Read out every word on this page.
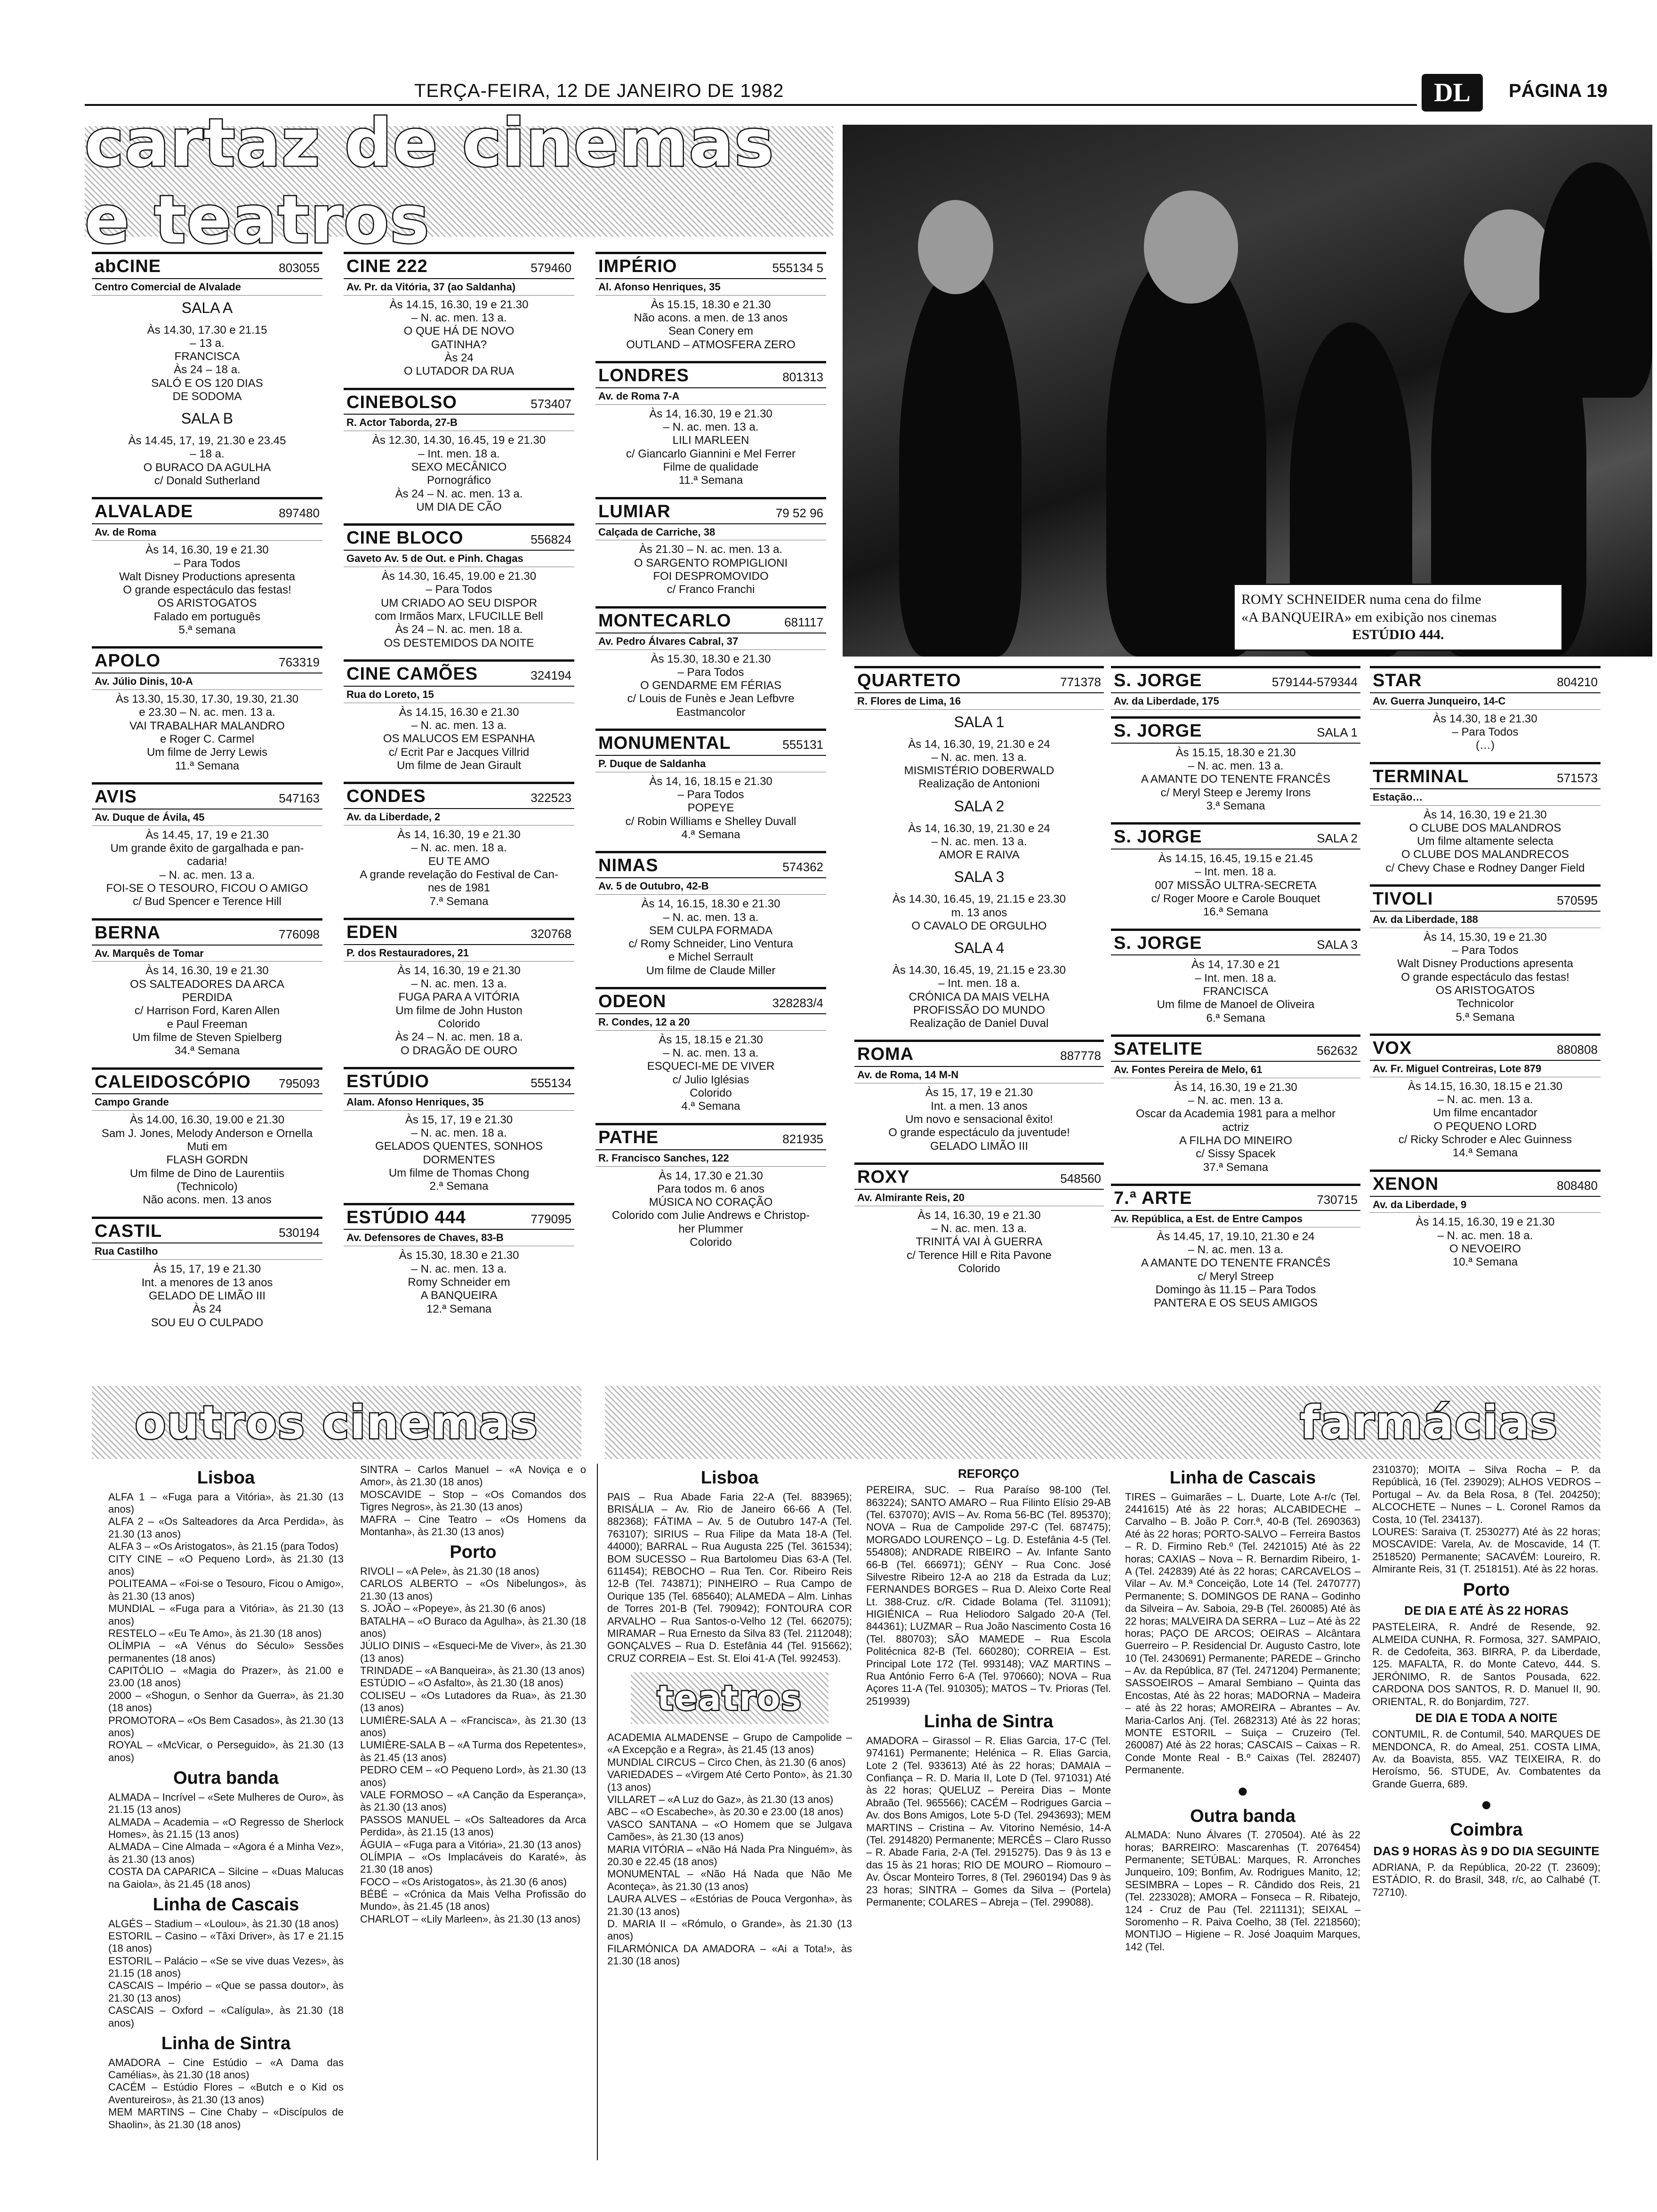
TERÇA-FEIRA, 12 DE JANEIRO DE 1982	DL	PÁGINA 19
cartaz de cinemas e teatros
ROMY SCHNEIDER numa cena do filme
«A BANQUEIRA» em exibição nos cinemas
ESTÚDIO 444.
abCINE	803055
Centro Comercial de Alvalade
SALA A
Às 14.30, 17.30 e 21.15
– 13 a.
FRANCISCA
Às 24 – 18 a.
SALÓ E OS 120 DIAS
DE SODOMA
SALA B
Às 14.45, 17, 19, 21.30 e 23.45
– 18 a.
O BURACO DA AGULHA
c/ Donald Sutherland
ALVALADE	897480
Av. de Roma
Às 14, 16.30, 19 e 21.30
– Para Todos
Walt Disney Productions apresenta
O grande espectáculo das festas!
OS ARISTOGATOS
Falado em português
5.ª semana
APOLO	763319
Av. Júlio Dinis, 10-A
Às 13.30, 15.30, 17.30, 19.30, 21.30
e 23.30 – N. ac. men. 13 a.
VAI TRABALHAR MALANDRO
e Roger C. Carmel
Um filme de Jerry Lewis
11.ª Semana
AVIS	547163
Av. Duque de Ávila, 45
Às 14.45, 17, 19 e 21.30
Um grande êxito de gargalhada e pan-
cadaria!
– N. ac. men. 13 a.
FOI-SE O TESOURO, FICOU O AMIGO
c/ Bud Spencer e Terence Hill
BERNA	776098
Av. Marquês de Tomar
Às 14, 16.30, 19 e 21.30
OS SALTEADORES DA ARCA
PERDIDA
c/ Harrison Ford, Karen Allen
e Paul Freeman
Um filme de Steven Spielberg
34.ª Semana
CALEIDOSCÓPIO 795093
Campo Grande
Às 14.00, 16.30, 19.00 e 21.30
Sam J. Jones, Melody Anderson e Ornella
Muti em
FLASH GORDN
Um filme de Dino de Laurentiis
(Technicolo)
Não acons. men. 13 anos
CASTIL	530194
Rua Castilho
Às 15, 17, 19 e 21.30
Int. a menores de 13 anos
GELADO DE LIMÃO III
Às 24
SOU EU O CULPADO
CINE 222	579460
Av. Pr. da Vitória, 37 (ao Saldanha)
Às 14.15, 16.30, 19 e 21.30
– N. ac. men. 13 a.
O QUE HÁ DE NOVO
GATINHA?
Às 24
O LUTADOR DA RUA
CINEBOLSO	573407
R. Actor Taborda, 27-B
Às 12.30, 14.30, 16.45, 19 e 21.30
– Int. men. 18 a.
SEXO MECÂNICO
Pornográfico
Às 24 – N. ac. men. 13 a.
UM DIA DE CÃO
CINE BLOCO	556824
Gaveto Av. 5 de Out. e Pinh. Chagas
Às 14.30, 16.45, 19.00 e 21.30
– Para Todos
UM CRIADO AO SEU DISPOR
com Irmãos Marx, LFUCILLE Bell
Às 24 – N. ac. men. 18 a.
OS DESTEMIDOS DA NOITE
CINE CAMÕES	324194
Rua do Loreto, 15
Às 14.15, 16.30 e 21.30
– N. ac. men. 13 a.
OS MALUCOS EM ESPANHA
c/ Ecrit Par e Jacques Villrid
Um filme de Jean Girault
CONDES	322523
Av. da Liberdade, 2
Às 14, 16.30, 19 e 21.30
– N. ac. men. 18 a.
EU TE AMO
A grande revelação do Festival de Can-
nes de 1981
7.ª Semana
EDEN	320768
P. dos Restauradores, 21
Às 14, 16.30, 19 e 21.30
– N. ac. men. 13 a.
FUGA PARA A VITÓRIA
Um filme de John Huston
Colorido
Às 24 – N. ac. men. 18 a.
O DRAGÃO DE OURO
ESTÚDIO	555134
Alam. Afonso Henriques, 35
Às 15, 17, 19 e 21.30
– N. ac. men. 18 a.
GELADOS QUENTES, SONHOS
DORMENTES
Um filme de Thomas Chong
2.ª Semana
ESTÚDIO 444	779095
Av. Defensores de Chaves, 83-B
Às 15.30, 18.30 e 21.30
– N. ac. men. 13 a.
Romy Schneider em
A BANQUEIRA
12.ª Semana
IMPÉRIO	555134 5
Al. Afonso Henriques, 35
Às 15.15, 18.30 e 21.30
Não acons. a men. de 13 anos
Sean Conery em
OUTLAND – ATMOSFERA ZERO
LONDRES	801313
Av. de Roma 7-A
Às 14, 16.30, 19 e 21.30
– N. ac. men. 13 a.
LILI MARLEEN
c/ Giancarlo Giannini e Mel Ferrer
Filme de qualidade
11.ª Semana
LUMIAR	79 52 96
Calçada de Carriche, 38
Às 21.30 – N. ac. men. 13 a.
O SARGENTO ROMPIGLIONI
FOI DESPROMOVIDO
c/ Franco Franchi
MONTECARLO	681117
Av. Pedro Álvares Cabral, 37
Às 15.30, 18.30 e 21.30
– Para Todos
O GENDARME EM FÉRIAS
c/ Louis de Funès e Jean Lefbvre
Eastmancolor
MONUMENTAL	555131
P. Duque de Saldanha
Às 14, 16, 18.15 e 21.30
– Para Todos
POPEYE
c/ Robin Williams e Shelley Duvall
4.ª Semana
NIMAS	574362
Av. 5 de Outubro, 42-B
Às 14, 16.15, 18.30 e 21.30
– N. ac. men. 13 a.
SEM CULPA FORMADA
c/ Romy Schneider, Lino Ventura
e Michel Serrault
Um filme de Claude Miller
ODEON	328283/4
R. Condes, 12 a 20
Às 15, 18.15 e 21.30
– N. ac. men. 13 a.
ESQUECI-ME DE VIVER
c/ Julio Iglésias
Colorido
4.ª Semana
PATHE	821935
R. Francisco Sanches, 122
Às 14, 17.30 e 21.30
Para todos m. 6 anos
MÚSICA NO CORAÇÃO
Colorido com Julie Andrews e Christop-
her Plummer
Colorido
QUARTETO	771378
R. Flores de Lima, 16
SALA 1
Às 14, 16.30, 19, 21.30 e 24
– N. ac. men. 13 a.
MISMISTÉRIO DOBERWALD
Realização de Antonioni
SALA 2
Às 14, 16.30, 19, 21.30 e 24
– N. ac. men. 13 a.
AMOR E RAIVA
SALA 3
Às 14.30, 16.45, 19, 21.15 e 23.30
m. 13 anos
O CAVALO DE ORGULHO
SALA 4
Às 14.30, 16.45, 19, 21.15 e 23.30
– Int. men. 18 a.
CRÓNICA DA MAIS VELHA
PROFISSÃO DO MUNDO
Realização de Daniel Duval
ROMA	887778
Av. de Roma, 14 M-N
Às 15, 17, 19 e 21.30
Int. a men. 13 anos
Um novo e sensacional êxito!
O grande espectáculo da juventude!
GELADO LIMÃO III
ROXY	548560
Av. Almirante Reis, 20
Às 14, 16.30, 19 e 21.30
– N. ac. men. 13 a.
TRINITÁ VAI À GUERRA
c/ Terence Hill e Rita Pavone
Colorido
S. JORGE	579144-579344
Av. da Liberdade, 175
S. JORGE	SALA 1
Às 15.15, 18.30 e 21.30
– N. ac. men. 13 a.
A AMANTE DO TENENTE FRANCÊS
c/ Meryl Steep e Jeremy Irons
3.ª Semana
S. JORGE	SALA 2
Às 14.15, 16.45, 19.15 e 21.45
– Int. men. 18 a.
007 MISSÃO ULTRA-SECRETA
c/ Roger Moore e Carole Bouquet
16.ª Semana
S. JORGE	SALA 3
Às 14, 17.30 e 21
– Int. men. 18 a.
FRANCISCA
Um filme de Manoel de Oliveira
6.ª Semana
SATELITE	562632
Av. Fontes Pereira de Melo, 61
Às 14, 16.30, 19 e 21.30
– N. ac. men. 13 a.
Oscar da Academia 1981 para a melhor
actriz
A FILHA DO MINEIRO
c/ Sissy Spacek
37.ª Semana
7.ª ARTE	730715
Av. República, a Est. de Entre Campos
Às 14.45, 17, 19.10, 21.30 e 24
– N. ac. men. 13 a.
A AMANTE DO TENENTE FRANCÊS
c/ Meryl Streep
Domingo às 11.15 – Para Todos
PANTERA E OS SEUS AMIGOS
STAR	804210
Av. Guerra Junqueiro, 14-C
Às 14.30, 18 e 21.30
– Para Todos
(…)
TERMINAL	571573
Estação…
Às 14, 16.30, 19 e 21.30
O CLUBE DOS MALANDROS
Um filme altamente selecta
O CLUBE DOS MALANDRECOS
c/ Chevy Chase e Rodney Danger Field
TIVOLI	570595
Av. da Liberdade, 188
Às 14, 15.30, 19 e 21.30
– Para Todos
Walt Disney Productions apresenta
O grande espectáculo das festas!
OS ARISTOGATOS
Technicolor
5.ª Semana
VOX	880808
Av. Fr. Miguel Contreiras, Lote 879
Às 14.15, 16.30, 18.15 e 21.30
– N. ac. men. 13 a.
Um filme encantador
O PEQUENO LORD
c/ Ricky Schroder e Alec Guinness
14.ª Semana
XENON	808480
Av. da Liberdade, 9
Às 14.15, 16.30, 19 e 21.30
– N. ac. men. 18 a.
O NEVOEIRO
10.ª Semana
outros cinemas	farmácias
Lisboa
ALFA 1 – «Fuga para a Vitória», às 21.30 (13 anos)
ALFA 2 – «Os Salteadores da Arca Perdida», às 21.30 (13 anos)
ALFA 3 – «Os Aristogatos», às 21.15 (para Todos)
CITY CINE – «O Pequeno Lord», às 21.30 (13 anos)
POLITEAMA – «Foi-se o Tesouro, Ficou o Amigo», às 21.30 (13 anos)
MUNDIAL – «Fuga para a Vitória», às 21.30 (13 anos)
RESTELO – «Eu Te Amo», às 21.30 (18 anos)
OLÍMPIA – «A Vénus do Século» Sessões permanentes (18 anos)
CAPITÓLIO – «Magia do Prazer», às 21.00 e 23.00 (18 anos)
2000 – «Shogun, o Senhor da Guerra», às 21.30 (18 anos)
PROMOTORA – «Os Bem Casados», às 21.30 (13 anos)
ROYAL – «McVicar, o Perseguido», às 21.30 (13 anos)
Outra banda
ALMADA – Incrível – «Sete Mulheres de Ouro», às 21.15 (13 anos)
ALMADA – Academia – «O Regresso de Sherlock Homes», às 21.15 (13 anos)
ALMADA – Cine Almada – «Agora é a Minha Vez», às 21.30 (13 anos)
COSTA DA CAPARICA – Silcine – «Duas Malucas na Gaiola», às 21.45 (18 anos)
Linha de Cascais
ALGÉS – Stadium – «Loulou», às 21.30 (18 anos)
ESTORIL – Casino – «Tâxi Driver», às 17 e 21.15 (18 anos)
ESTORIL – Palácio – «Se se vive duas Vezes», às 21.15 (18 anos)
CASCAIS – Império – «Que se passa doutor», às 21.30 (13 anos)
CASCAIS – Oxford – «Calígula», às 21.30 (18 anos)
Linha de Sintra
AMADORA – Cine Estúdio – «A Dama das Camélias», às 21.30 (18 anos)
CACÉM – Estúdio Flores – «Butch e o Kid os Aventureiros», às 21.30 (13 anos)
MEM MARTINS – Cine Chaby – «Discípulos de Shaolin», às 21.30 (18 anos)
SINTRA – Carlos Manuel – «A Noviça e o Amor», às 21.30 (18 anos)
MOSCAVIDE – Stop – «Os Comandos dos Tigres Negros», às 21.30 (13 anos)
MAFRA – Cine Teatro – «Os Homens da Montanha», às 21.30 (13 anos)
Porto
RIVOLI – «A Pele», às 21.30 (18 anos)
CARLOS ALBERTO – «Os Nibelungos», às 21.30 (13 anos)
S. JOÃO – «Popeye», às 21.30 (6 anos)
BATALHA – «O Buraco da Agulha», às 21.30 (18 anos)
JÚLIO DINIS – «Esqueci-Me de Viver», às 21.30 (13 anos)
TRINDADE – «A Banqueira», às 21.30 (13 anos)
ESTÚDIO – «O Asfalto», às 21.30 (18 anos)
COLISEU – «Os Lutadores da Rua», às 21.30 (13 anos)
LUMIÈRE-SALA A – «Francisca», às 21.30 (13 anos)
LUMIÈRE-SALA B – «A Turma dos Repetentes», às 21.45 (13 anos)
PEDRO CEM – «O Pequeno Lord», às 21.30 (13 anos)
VALE FORMOSO – «A Canção da Esperança», às 21.30 (13 anos)
PASSOS MANUEL – «Os Salteadores da Arca Perdida», às 21.15 (13 anos)
ÁGUIA – «Fuga para a Vitória», 21.30 (13 anos)
OLÍMPIA – «Os Implacáveis do Karaté», às 21.30 (18 anos)
FOCO – «Os Aristogatos», às 21.30 (6 anos)
BÉBÉ – «Crónica da Mais Velha Profissão do Mundo», às 21.45 (18 anos)
CHARLOT – «Lily Marleen», às 21.30 (13 anos)
Lisboa
PAIS – Rua Abade Faria 22-A (Tel. 883965); BRISÁLIA – Av. Rio de Janeiro 66-66 A (Tel. 882368); FÁTIMA – Av. 5 de Outubro 147-A (Tel. 763107); SIRIUS – Rua Filipe da Mata 18-A (Tel. 44000); BARRAL – Rua Augusta 225 (Tel. 361534); BOM SUCESSO – Rua Bartolomeu Dias 63-A (Tel. 611454); REBOCHO – Rua Ten. Cor. Ribeiro Reis 12-B (Tel. 743871); PINHEIRO – Rua Campo de Ourique 135 (Tel. 685640); ALAMEDA – Alm. Linhas de Torres 201-B (Tel. 790942); FONTOURA COR ARVALHO – Rua Santos-o-Velho 12 (Tel. 662075); MIRAMAR – Rua Ernesto da Silva 83 (Tel. 2112048); GONÇALVES – Rua D. Estefânia 44 (Tel. 915662); CRUZ CORREIA – Est. St. Eloi 41-A (Tel. 992453).
teatros
ACADEMIA ALMADENSE – Grupo de Campolide – «A Excepção e a Regra», às 21.45 (13 anos)
MUNDIAL CIRCUS – Circo Chen, às 21.30 (6 anos)
VARIEDADES – «Virgem Até Certo Ponto», às 21.30 (13 anos)
VILLARET – «A Luz do Gaz», às 21.30 (13 anos)
ABC – «O Escabeche», às 20.30 e 23.00 (18 anos)
VASCO SANTANA – «O Homem que se Julgava Camões», às 21.30 (13 anos)
MARIA VITÓRIA – «Não Há Nada Pra Ninguém», às 20.30 e 22.45 (18 anos)
MONUMENTAL – «Não Há Nada que Não Me Aconteça», às 21.30 (13 anos)
LAURA ALVES – «Estórias de Pouca Vergonha», às 21.30 (13 anos)
D. MARIA II – «Rómulo, o Grande», às 21.30 (13 anos)
FILARMÓNICA DA AMADORA – «Ai a Tota!», às 21.30 (18 anos)
REFORÇO
PEREIRA, SUC. – Rua Paraíso 98-100 (Tel. 863224); SANTO AMARO – Rua Filinto Elísio 29-AB (Tel. 637070); AVIS – Av. Roma 56-BC (Tel. 895370); NOVA – Rua de Campolide 297-C (Tel. 687475); MORGADO LOURENÇO – Lg. D. Estefânia 4-5 (Tel. 554808); ANDRADE RIBEIRO – Av. Infante Santo 66-B (Tel. 666971); GÉNY – Rua Conc. José Silvestre Ribeiro 12-A ao 218 da Estrada da Luz; FERNANDES BORGES – Rua D. Aleixo Corte Real Lt. 388-Cruz. c/R. Cidade Bolama (Tel. 311091); HIGIÉNICA – Rua Heliodoro Salgado 20-A (Tel. 844361); LUZMAR – Rua João Nascimento Costa 16 (Tel. 880703); SÃO MAMEDE – Rua Escola Politécnica 82-B (Tel. 660280); CORREIA – Est. Principal Lote 172 (Tel. 993148); VAZ MARTINS – Rua António Ferro 6-A (Tel. 970660); NOVA – Rua Açores 11-A (Tel. 910305); MATOS – Tv. Prioras (Tel. 2519939)
Linha de Sintra
AMADORA – Girassol – R. Elias Garcia, 17-C (Tel. 974161) Permanente; Helénica – R. Elias Garcia, Lote 2 (Tel. 933613) Até às 22 horas; DAMAIA – Confiança – R. D. Maria II, Lote D (Tel. 971031) Até às 22 horas; QUELUZ – Pereira Dias – Monte Abraão (Tel. 965566); CACÉM – Rodrigues Garcia – Av. dos Bons Amigos, Lote 5-D (Tel. 2943693); MEM MARTINS – Cristina – Av. Vitorino Nemésio, 14-A (Tel. 2914820) Permanente; MERCÊS – Claro Russo – R. Abade Faria, 2-A (Tel. 2915275). Das 9 às 13 e das 15 às 21 horas; RIO DE MOURO – Riomouro – Av. Óscar Monteiro Torres, 8 (Tel. 2960194) Das 9 às 23 horas; SINTRA – Gomes da Silva – (Portela) Permanente; COLARES – Abreja – (Tel. 299088).
Linha de Cascais
TIRES – Guimarães – L. Duarte, Lote A-r/c (Tel. 2441615) Até às 22 horas; ALCABIDECHE – Carvalho – B. João P. Corr.ª, 40-B (Tel. 2690363) Até às 22 horas; PORTO-SALVO – Ferreira Bastos – R. D. Firmino Reb.º (Tel. 2421015) Até às 22 horas; CAXIAS – Nova – R. Bernardim Ribeiro, 1-A (Tel. 242839) Até às 22 horas; CARCAVELOS – Vilar – Av. M.ª Conceição, Lote 14 (Tel. 2470777) Permanente; S. DOMINGOS DE RANA – Godinho da Silveira – Av. Saboia, 29-B (Tel. 260085) Até às 22 horas; MALVEIRA DA SERRA – Luz – Até às 22 horas; PAÇO DE ARCOS; OEIRAS – Alcântara Guerreiro – P. Residencial Dr. Augusto Castro, lote 10 (Tel. 2430691) Permanente; PAREDE – Grincho – Av. da República, 87 (Tel. 2471204) Permanente; SASSOEIROS – Amaral Sembiano – Quinta das Encostas, Até às 22 horas; MADORNA – Madeira – até às 22 horas; AMOREIRA – Abrantes – Av. Maria-Carlos Anj. (Tel. 2682313) Até às 22 horas; MONTE ESTORIL – Suiça – Cruzeiro (Tel. 260087) Até às 22 horas; CASCAIS – Caixas – R. Conde Monte Real - B.º Caixas (Tel. 282407) Permanente.
●
Outra banda
ALMADA: Nuno Álvares (T. 270504). Até às 22 horas; BARREIRO: Mascarenhas (T. 2076454) Permanente; SETÚBAL: Marques, R. Arronches Junqueiro, 109; Bonfim, Av. Rodrigues Manito, 12; SESIMBRA – Lopes – R. Cândido dos Reis, 21 (Tel. 2233028); AMORA – Fonseca – R. Ribatejo, 124 - Cruz de Pau (Tel. 2211131); SEIXAL – Soromenho – R. Paiva Coelho, 38 (Tel. 2218560); MONTIJO – Higiene – R. José Joaquim Marques, 142 (Tel.
2310370); MOITA – Silva Rocha – P. da Repúblicà, 16 (Tel. 239029); ALHOS VEDROS – Portugal – Av. da Bela Rosa, 8 (Tel. 204250); ALCOCHETE – Nunes – L. Coronel Ramos da Costa, 10 (Tel. 234137).
LOURES: Saraiva (T. 2530277) Até às 22 horas; MOSCAVIDE: Varela, Av. de Moscavide, 14 (T. 2518520) Permanente; SACAVÉM: Loureiro, R. Almirante Reis, 31 (T. 2518151). Até às 22 horas.
Porto
DE DIA E ATÉ ÀS 22 HORAS
PASTELEIRA, R. André de Resende, 92. ALMEIDA CUNHA, R. Formosa, 327. SAMPAIO, R. de Cedofeita, 363. BIRRA, P. da Liberdade, 125. MAFALTA, R. do Monte Catevo, 444. S. JERÓNIMO, R. de Santos Pousada, 622. CARDONA DOS SANTOS, R. D. Manuel II, 90. ORIENTAL, R. do Bonjardim, 727.
DE DIA E TODA A NOITE
CONTUMIL, R. de Contumil, 540. MARQUES DE MENDONCA, R. do Ameal, 251. COSTA LIMA, Av. da Boavista, 855. VAZ TEIXEIRA, R. do Heroísmo, 56. STUDE, Av. Combatentes da Grande Guerra, 689.
●
Coimbra
DAS 9 HORAS ÀS 9 DO DIA SEGUINTE
ADRIANA, P. da República, 20-22 (T. 23609); ESTÁDIO, R. do Brasil, 348, r/c, ao Calhabé (T. 72710).
